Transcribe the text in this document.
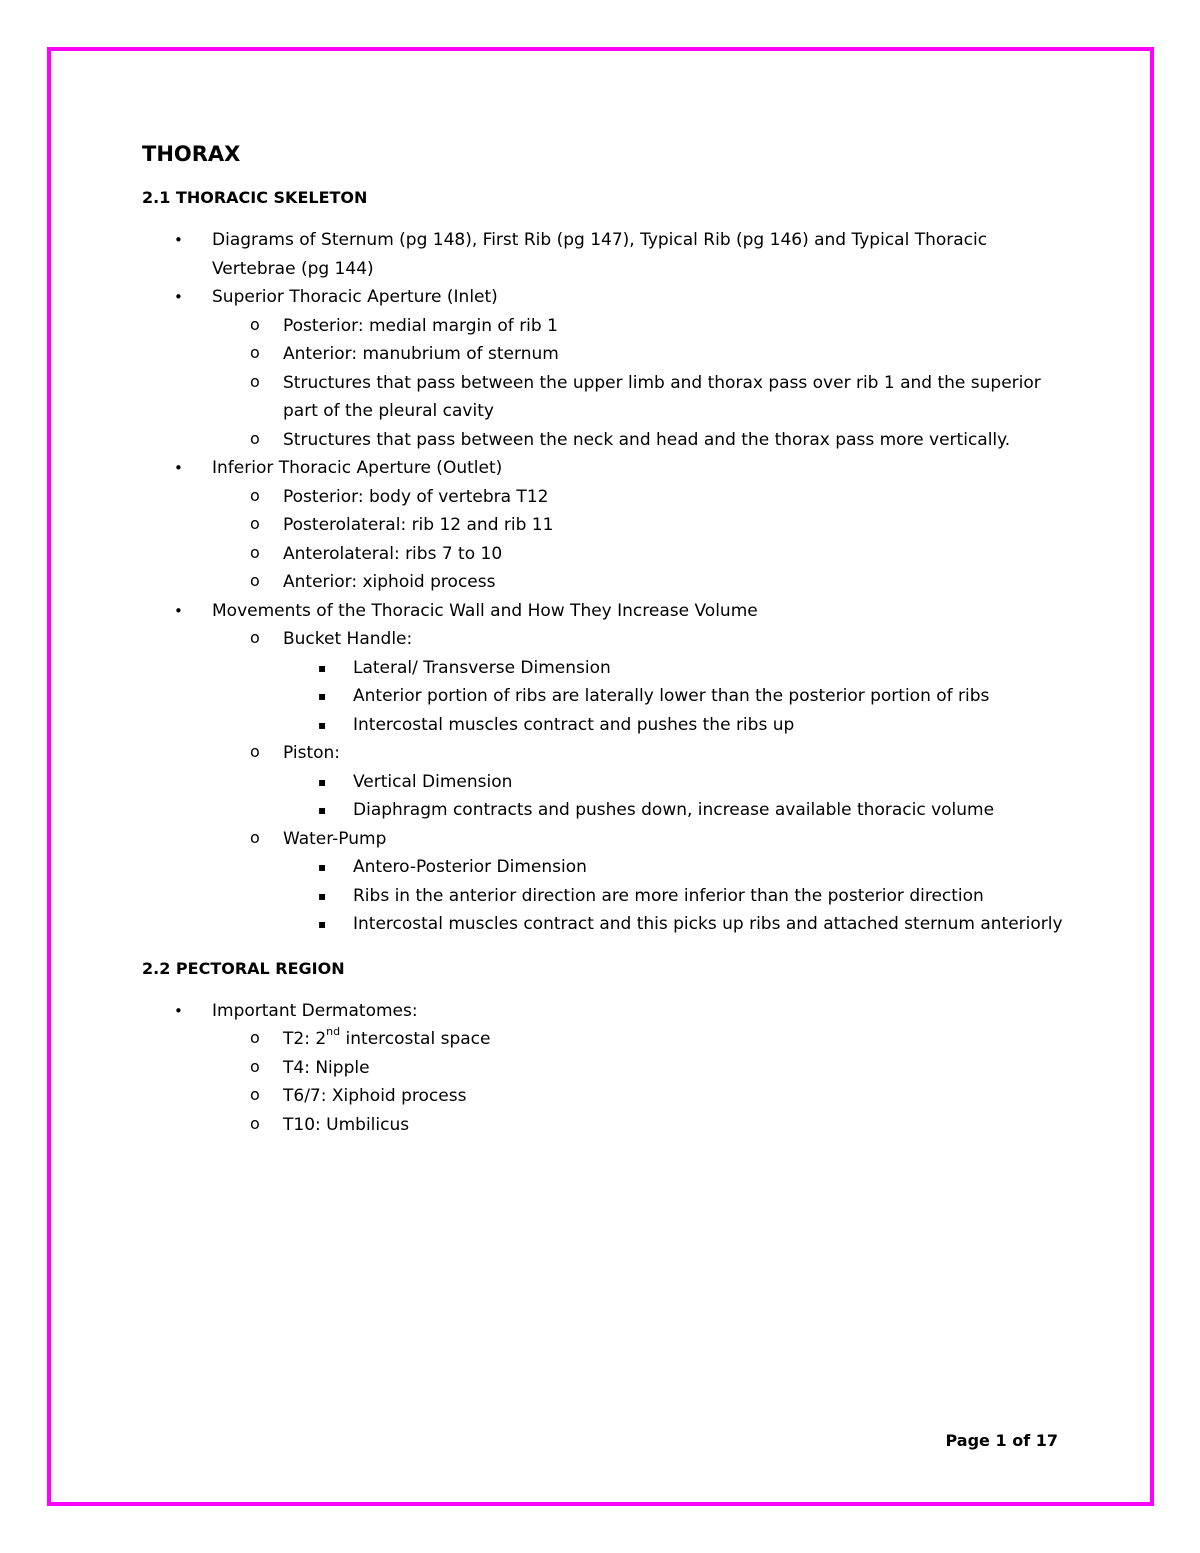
THORAX
2.1 THORACIC SKELETON
• Diagrams of Sternum (pg 148), First Rib (pg 147), Typical Rib (pg 146) and Typical Thoracic Vertebrae (pg 144)
• Superior Thoracic Aperture (Inlet)
o Posterior: medial margin of rib 1
o Anterior: manubrium of sternum
o Structures that pass between the upper limb and thorax pass over rib 1 and the superior part of the pleural cavity
o Structures that pass between the neck and head and the thorax pass more vertically.
• Inferior Thoracic Aperture (Outlet)
o Posterior: body of vertebra T12
o Posterolateral: rib 12 and rib 11
o Anterolateral: ribs 7 to 10
o Anterior: xiphoid process
• Movements of the Thoracic Wall and How They Increase Volume
o Bucket Handle:
▪ Lateral/ Transverse Dimension
▪ Anterior portion of ribs are laterally lower than the posterior portion of ribs
▪ Intercostal muscles contract and pushes the ribs up
o Piston:
▪ Vertical Dimension
▪ Diaphragm contracts and pushes down, increase available thoracic volume
o Water-Pump
▪ Antero-Posterior Dimension
▪ Ribs in the anterior direction are more inferior than the posterior direction
▪ Intercostal muscles contract and this picks up ribs and attached sternum anteriorly
2.2 PECTORAL REGION
• Important Dermatomes:
o T2: 2nd intercostal space
o T4: Nipple
o T6/7: Xiphoid process
o T10: Umbilicus
Page 1 of 17
